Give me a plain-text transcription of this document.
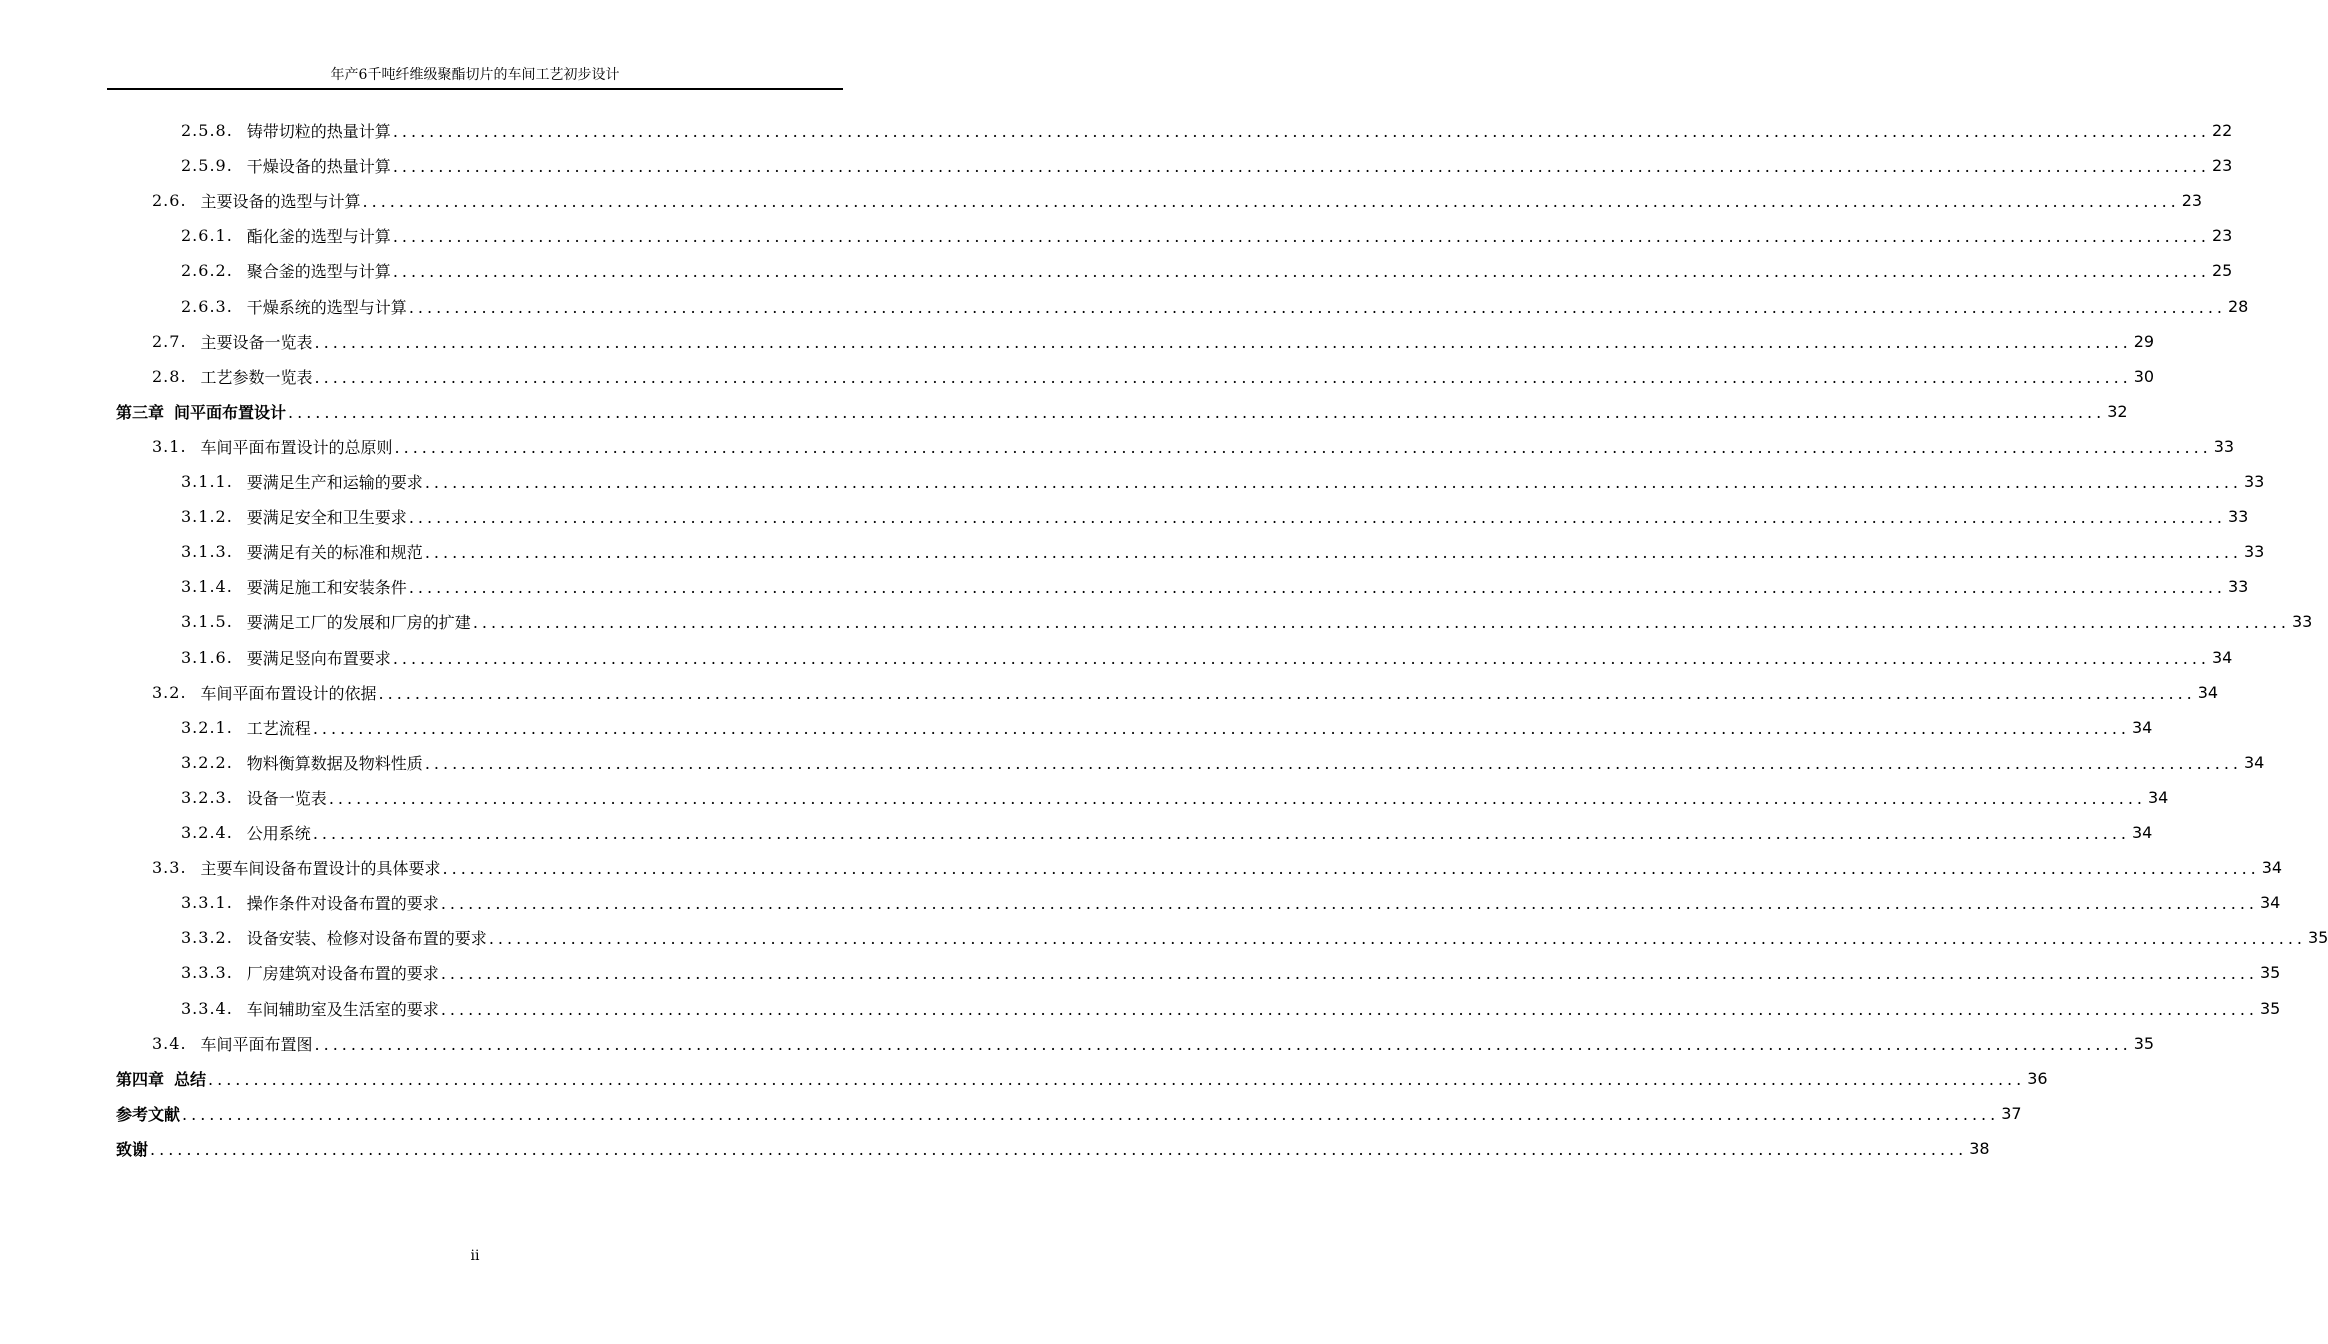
年产6千吨纤维级聚酯切片的车间工艺初步设计
2.5.8. 铸带切粒的热量计算 ........................................................................................................................................................................................................ 22
2.5.9. 干燥设备的热量计算 ........................................................................................................................................................................................................ 23
2.6. 主要设备的选型与计算 ........................................................................................................................................................................................................ 23
2.6.1. 酯化釜的选型与计算 ........................................................................................................................................................................................................ 23
2.6.2. 聚合釜的选型与计算 ........................................................................................................................................................................................................ 25
2.6.3. 干燥系统的选型与计算 ........................................................................................................................................................................................................ 28
2.7. 主要设备一览表 ........................................................................................................................................................................................................ 29
2.8. 工艺参数一览表 ........................................................................................................................................................................................................ 30
第三章 间平面布置设计 ........................................................................................................................................................................................................ 32
3.1. 车间平面布置设计的总原则 ........................................................................................................................................................................................................ 33
3.1.1. 要满足生产和运输的要求 ........................................................................................................................................................................................................ 33
3.1.2. 要满足安全和卫生要求 ........................................................................................................................................................................................................ 33
3.1.3. 要满足有关的标准和规范 ........................................................................................................................................................................................................ 33
3.1.4. 要满足施工和安装条件 ........................................................................................................................................................................................................ 33
3.1.5. 要满足工厂的发展和厂房的扩建 ........................................................................................................................................................................................................ 33
3.1.6. 要满足竖向布置要求 ........................................................................................................................................................................................................ 34
3.2. 车间平面布置设计的依据 ........................................................................................................................................................................................................ 34
3.2.1. 工艺流程 ........................................................................................................................................................................................................ 34
3.2.2. 物料衡算数据及物料性质 ........................................................................................................................................................................................................ 34
3.2.3. 设备一览表 ........................................................................................................................................................................................................ 34
3.2.4. 公用系统 ........................................................................................................................................................................................................ 34
3.3. 主要车间设备布置设计的具体要求 ........................................................................................................................................................................................................ 34
3.3.1. 操作条件对设备布置的要求 ........................................................................................................................................................................................................ 34
3.3.2. 设备安装、检修对设备布置的要求 ........................................................................................................................................................................................................ 35
3.3.3. 厂房建筑对设备布置的要求 ........................................................................................................................................................................................................ 35
3.3.4. 车间辅助室及生活室的要求 ........................................................................................................................................................................................................ 35
3.4. 车间平面布置图 ........................................................................................................................................................................................................ 35
第四章 总结 ........................................................................................................................................................................................................ 36
参考文献 ........................................................................................................................................................................................................ 37
致谢 ........................................................................................................................................................................................................ 38
ii
